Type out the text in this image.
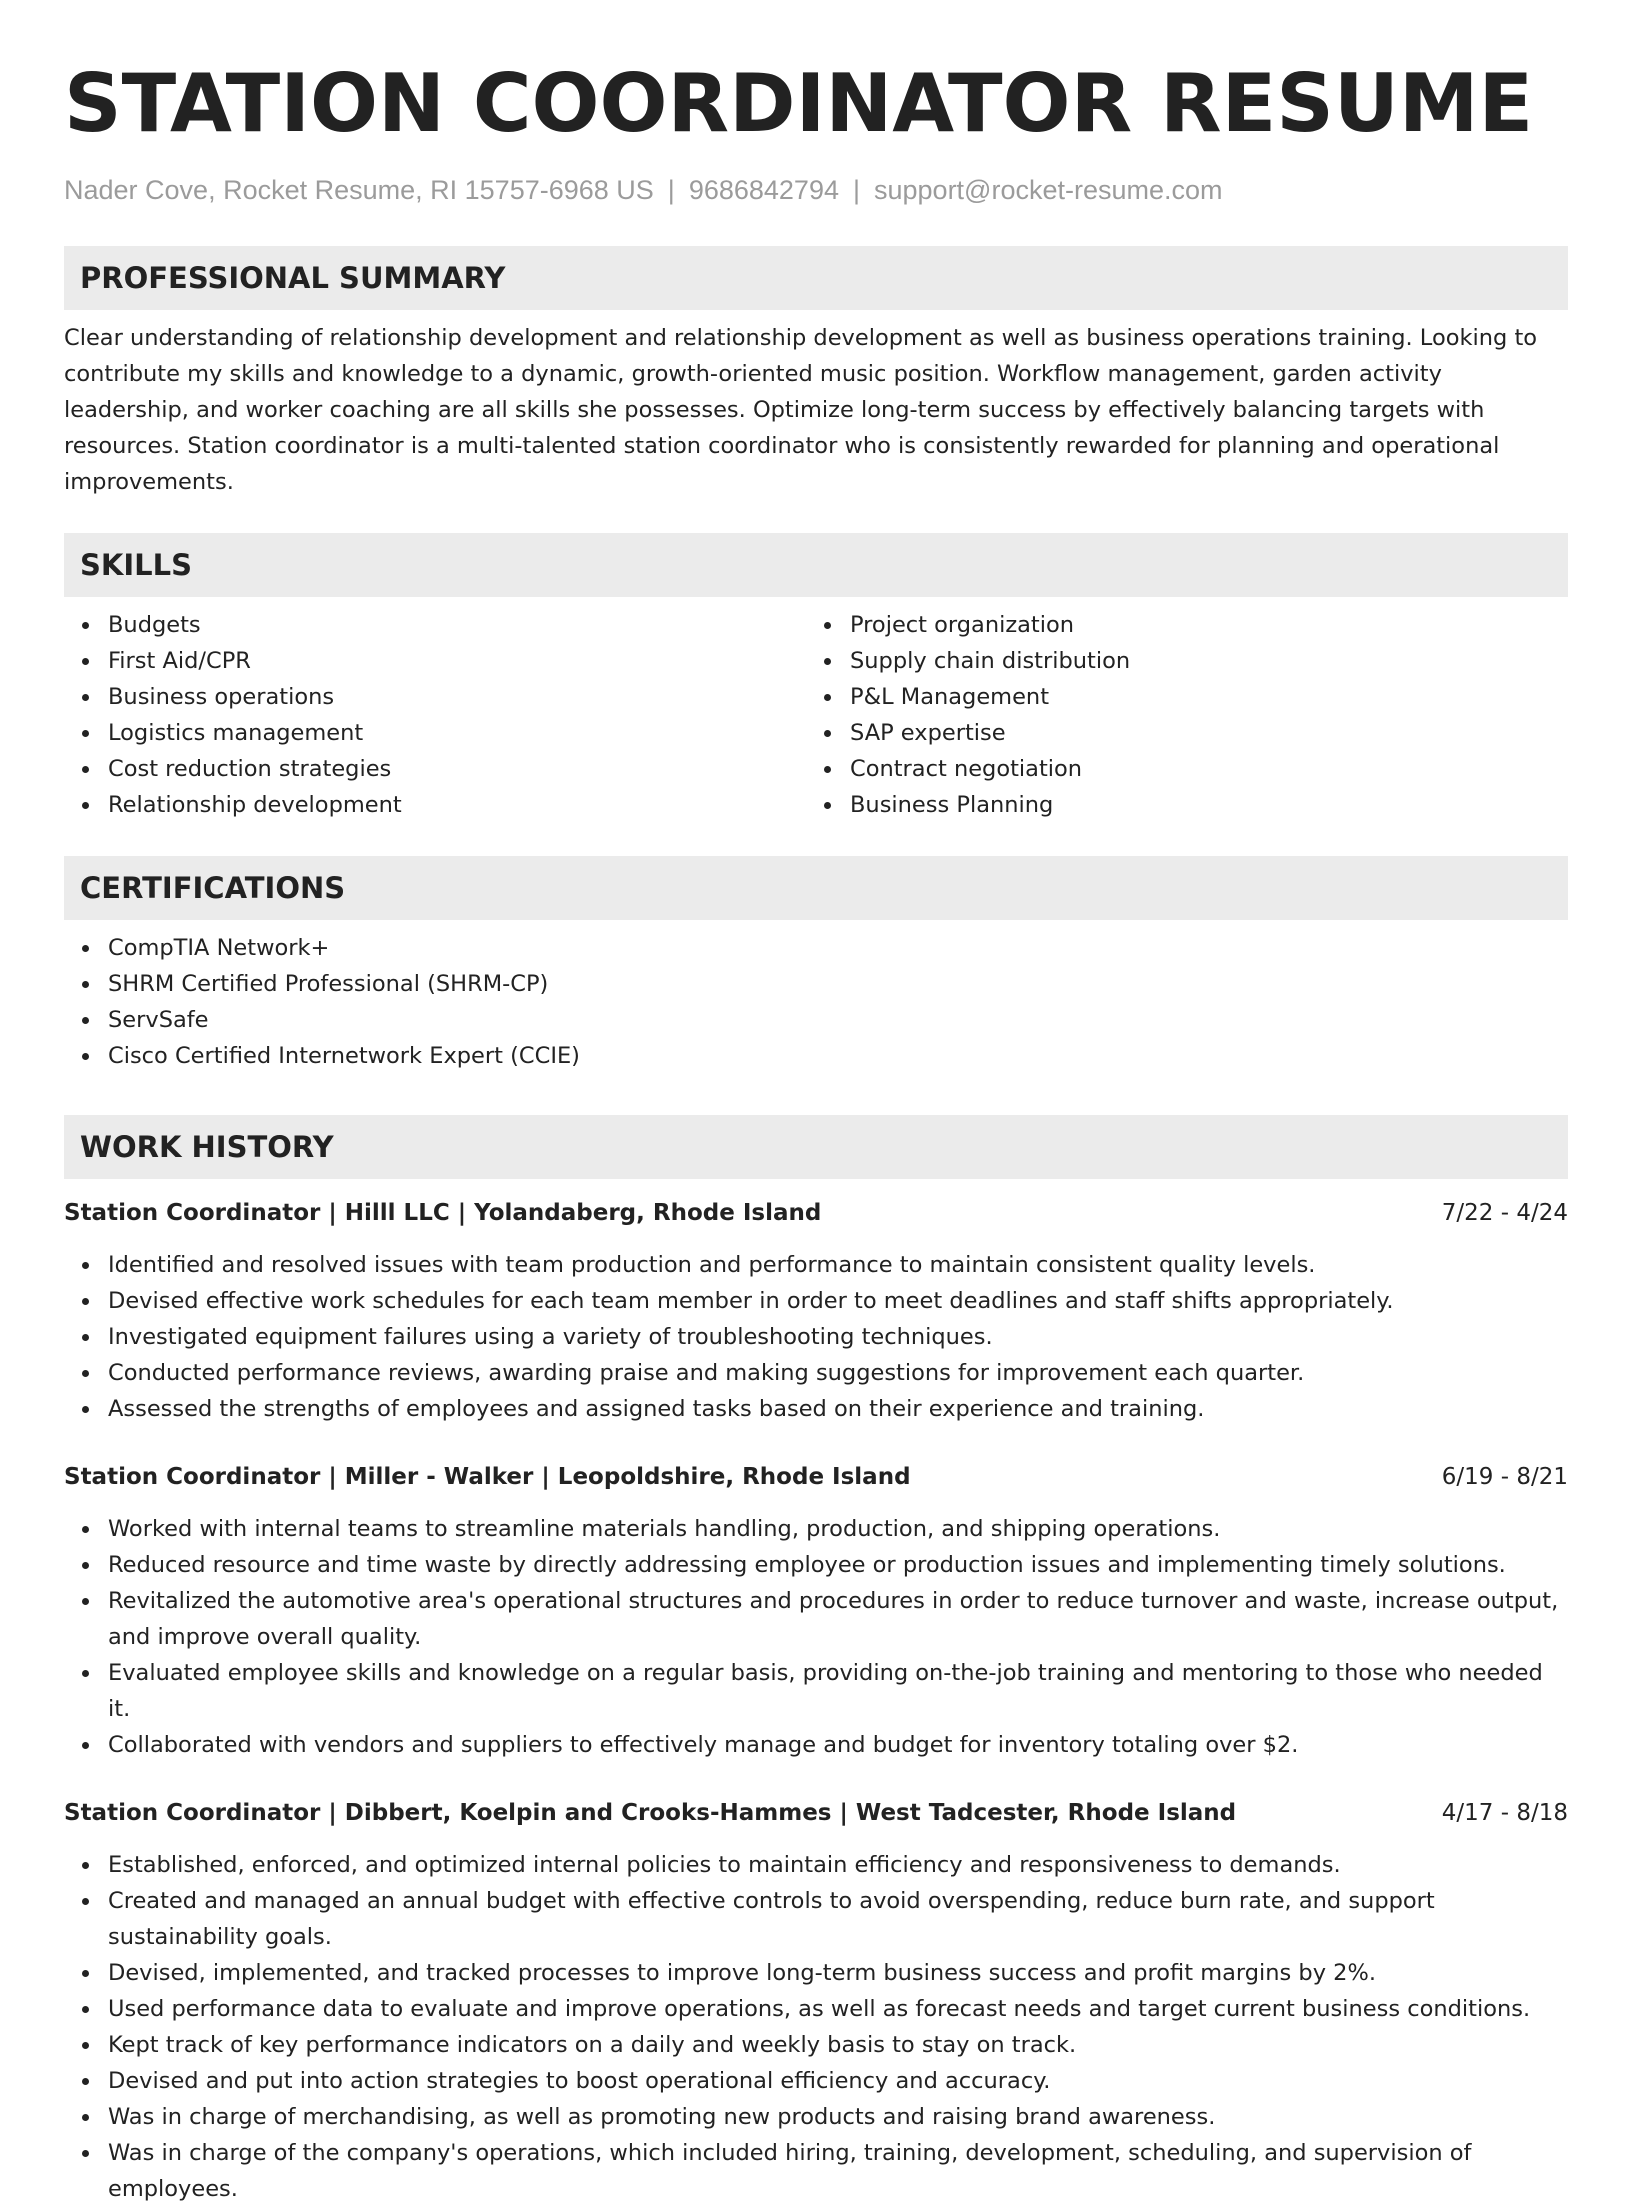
STATION COORDINATOR RESUME
Nader Cove, Rocket Resume, RI 15757-6968 US | 9686842794 | support@rocket-resume.com
PROFESSIONAL SUMMARY

Clear understanding of relationship development and relationship development as well as business operations training. Looking to contribute my skills and knowledge to a dynamic, growth-oriented music position. Workflow management, garden activity leadership, and worker coaching are all skills she possesses. Optimize long-term success by effectively balancing targets with resources. Station coordinator is a multi-talented station coordinator who is consistently rewarded for planning and operational improvements.

SKILLS
Budgets
First Aid/CPR
Business operations
Logistics management
Cost reduction strategies
Relationship development
Project organization
Supply chain distribution
P&L Management
SAP expertise
Contract negotiation
Business Planning
CERTIFICATIONS
CompTIA Network+
SHRM Certified Professional (SHRM-CP)
ServSafe
Cisco Certified Internetwork Expert (CCIE)
WORK HISTORY
Station Coordinator | Hilll LLC | Yolandaberg, Rhode Island	7/22 - 4/24
Identified and resolved issues with team production and performance to maintain consistent quality levels.
Devised effective work schedules for each team member in order to meet deadlines and staff shifts appropriately.
Investigated equipment failures using a variety of troubleshooting techniques.
Conducted performance reviews, awarding praise and making suggestions for improvement each quarter.
Assessed the strengths of employees and assigned tasks based on their experience and training.
Station Coordinator | Miller - Walker | Leopoldshire, Rhode Island	6/19 - 8/21
Worked with internal teams to streamline materials handling, production, and shipping operations.
Reduced resource and time waste by directly addressing employee or production issues and implementing timely solutions.
Revitalized the automotive area's operational structures and procedures in order to reduce turnover and waste, increase output, and improve overall quality.
Evaluated employee skills and knowledge on a regular basis, providing on-the-job training and mentoring to those who needed it.
Collaborated with vendors and suppliers to effectively manage and budget for inventory totaling over $2.
Station Coordinator | Dibbert, Koelpin and Crooks-Hammes | West Tadcester, Rhode Island	4/17 - 8/18
Established, enforced, and optimized internal policies to maintain efficiency and responsiveness to demands.
Created and managed an annual budget with effective controls to avoid overspending, reduce burn rate, and support sustainability goals.
Devised, implemented, and tracked processes to improve long-term business success and profit margins by 2%.
Used performance data to evaluate and improve operations, as well as forecast needs and target current business conditions.
Kept track of key performance indicators on a daily and weekly basis to stay on track.
Devised and put into action strategies to boost operational efficiency and accuracy.
Was in charge of merchandising, as well as promoting new products and raising brand awareness.
Was in charge of the company's operations, which included hiring, training, development, scheduling, and supervision of employees.
